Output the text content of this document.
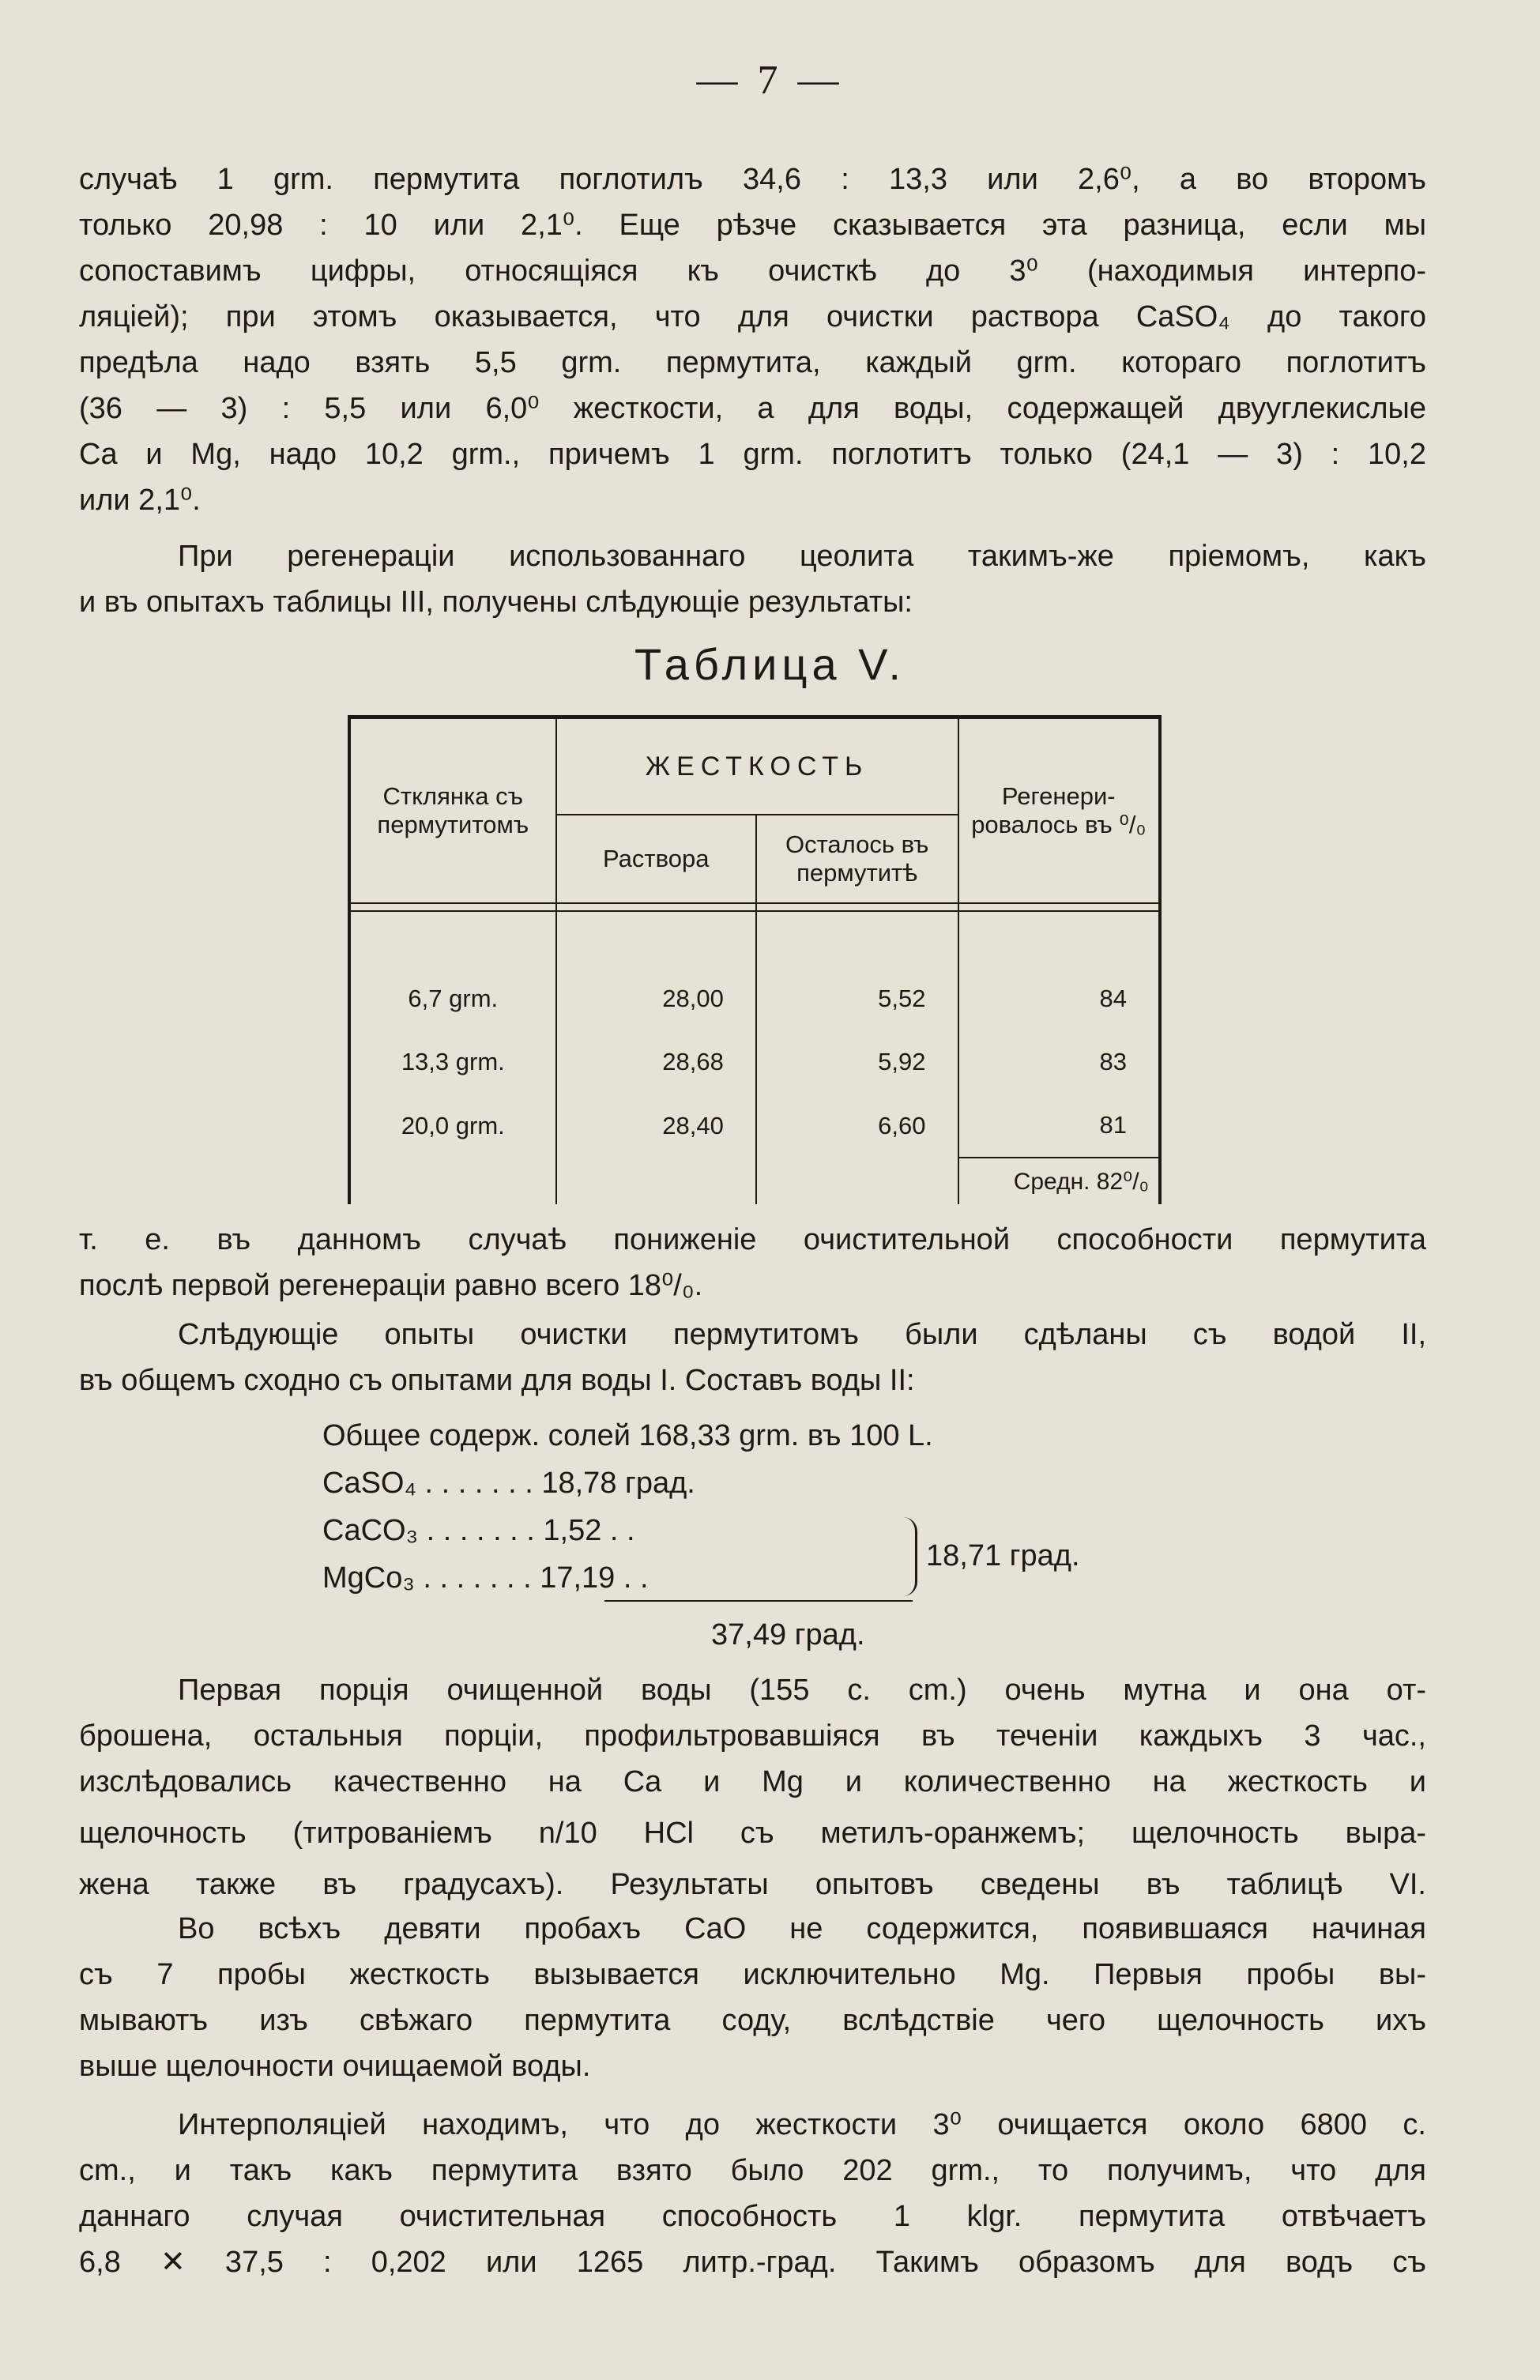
— 7 —
случаѣ 1 grm. пермутита поглотилъ 34,6 : 13,3 или 2,6⁰, а во второмъ
только 20,98 : 10 или 2,1⁰. Еще рѣзче сказывается эта разница, если мы
сопоставимъ цифры, относящіяся къ очисткѣ до 3⁰ (находимыя интерпо-
ляціей); при этомъ оказывается, что для очистки раствора CaSO₄ до такого
предѣла надо взять 5,5 grm. пермутита, каждый grm. котораго поглотитъ
(36 — 3) : 5,5 или 6,0⁰ жесткости, а для воды, содержащей двууглекислые
Ca и Mg, надо 10,2 grm., причемъ 1 grm. поглотитъ только (24,1 — 3) : 10,2
или 2,1⁰.
При регенераціи использованнаго цеолита такимъ-же пріемомъ, какъ
и въ опытахъ таблицы III, получены слѣдующіе результаты:
Таблица V.
Стклянка съ пермутитомъ	ЖЕСТКОСТЬ		Регенери-ровалось въ ⁰/₀
	Раствора	Осталось въ пермутитѣ	

6,7 grm.	28,00	5,52	84
13,3 grm.	28,68	5,92	83
20,0 grm.	28,40	6,60	81
			Средн. 82⁰/₀
т. е. въ данномъ случаѣ пониженіе очистительной способности пермутита
послѣ первой регенераціи равно всего 18⁰/₀.
Слѣдующіе опыты очистки пермутитомъ были сдѣланы съ водой II,
въ общемъ сходно съ опытами для воды I. Составъ воды II:
Общее содерж. солей 168,33 grm. въ 100 L.
CaSO₄ . . . . . . . 18,78 град.
CaCO₃ . . . . . . . 1,52 . .
MgCo₃ . . . . . . . 17,19 . .
18,71 град.
37,49 град.
Первая порція очищенной воды (155 c. cm.) очень мутна и она от-
брошена, остальныя порціи, профильтровавшіяся въ теченіи каждыхъ 3 час.,
изслѣдовались качественно на Ca и Mg и количественно на жесткость и
щелочность (титрованіемъ n/10 HCl съ метилъ-оранжемъ; щелочность выра-
жена также въ градусахъ). Результаты опытовъ сведены въ таблицѣ VI.
Во всѣхъ девяти пробахъ CaO не содержится, появившаяся начиная
съ 7 пробы жесткость вызывается исключительно Mg. Первыя пробы вы-
мываютъ изъ свѣжаго пермутита соду, вслѣдствіе чего щелочность ихъ
выше щелочности очищаемой воды.
Интерполяціей находимъ, что до жесткости 3⁰ очищается около 6800 c.
cm., и такъ какъ пермутита взято было 202 grm., то получимъ, что для
даннаго случая очистительная способность 1 klgr. пермутита отвѣчаетъ
6,8 ✕ 37,5 : 0,202 или 1265 литр.-град. Такимъ образомъ для водъ съ
